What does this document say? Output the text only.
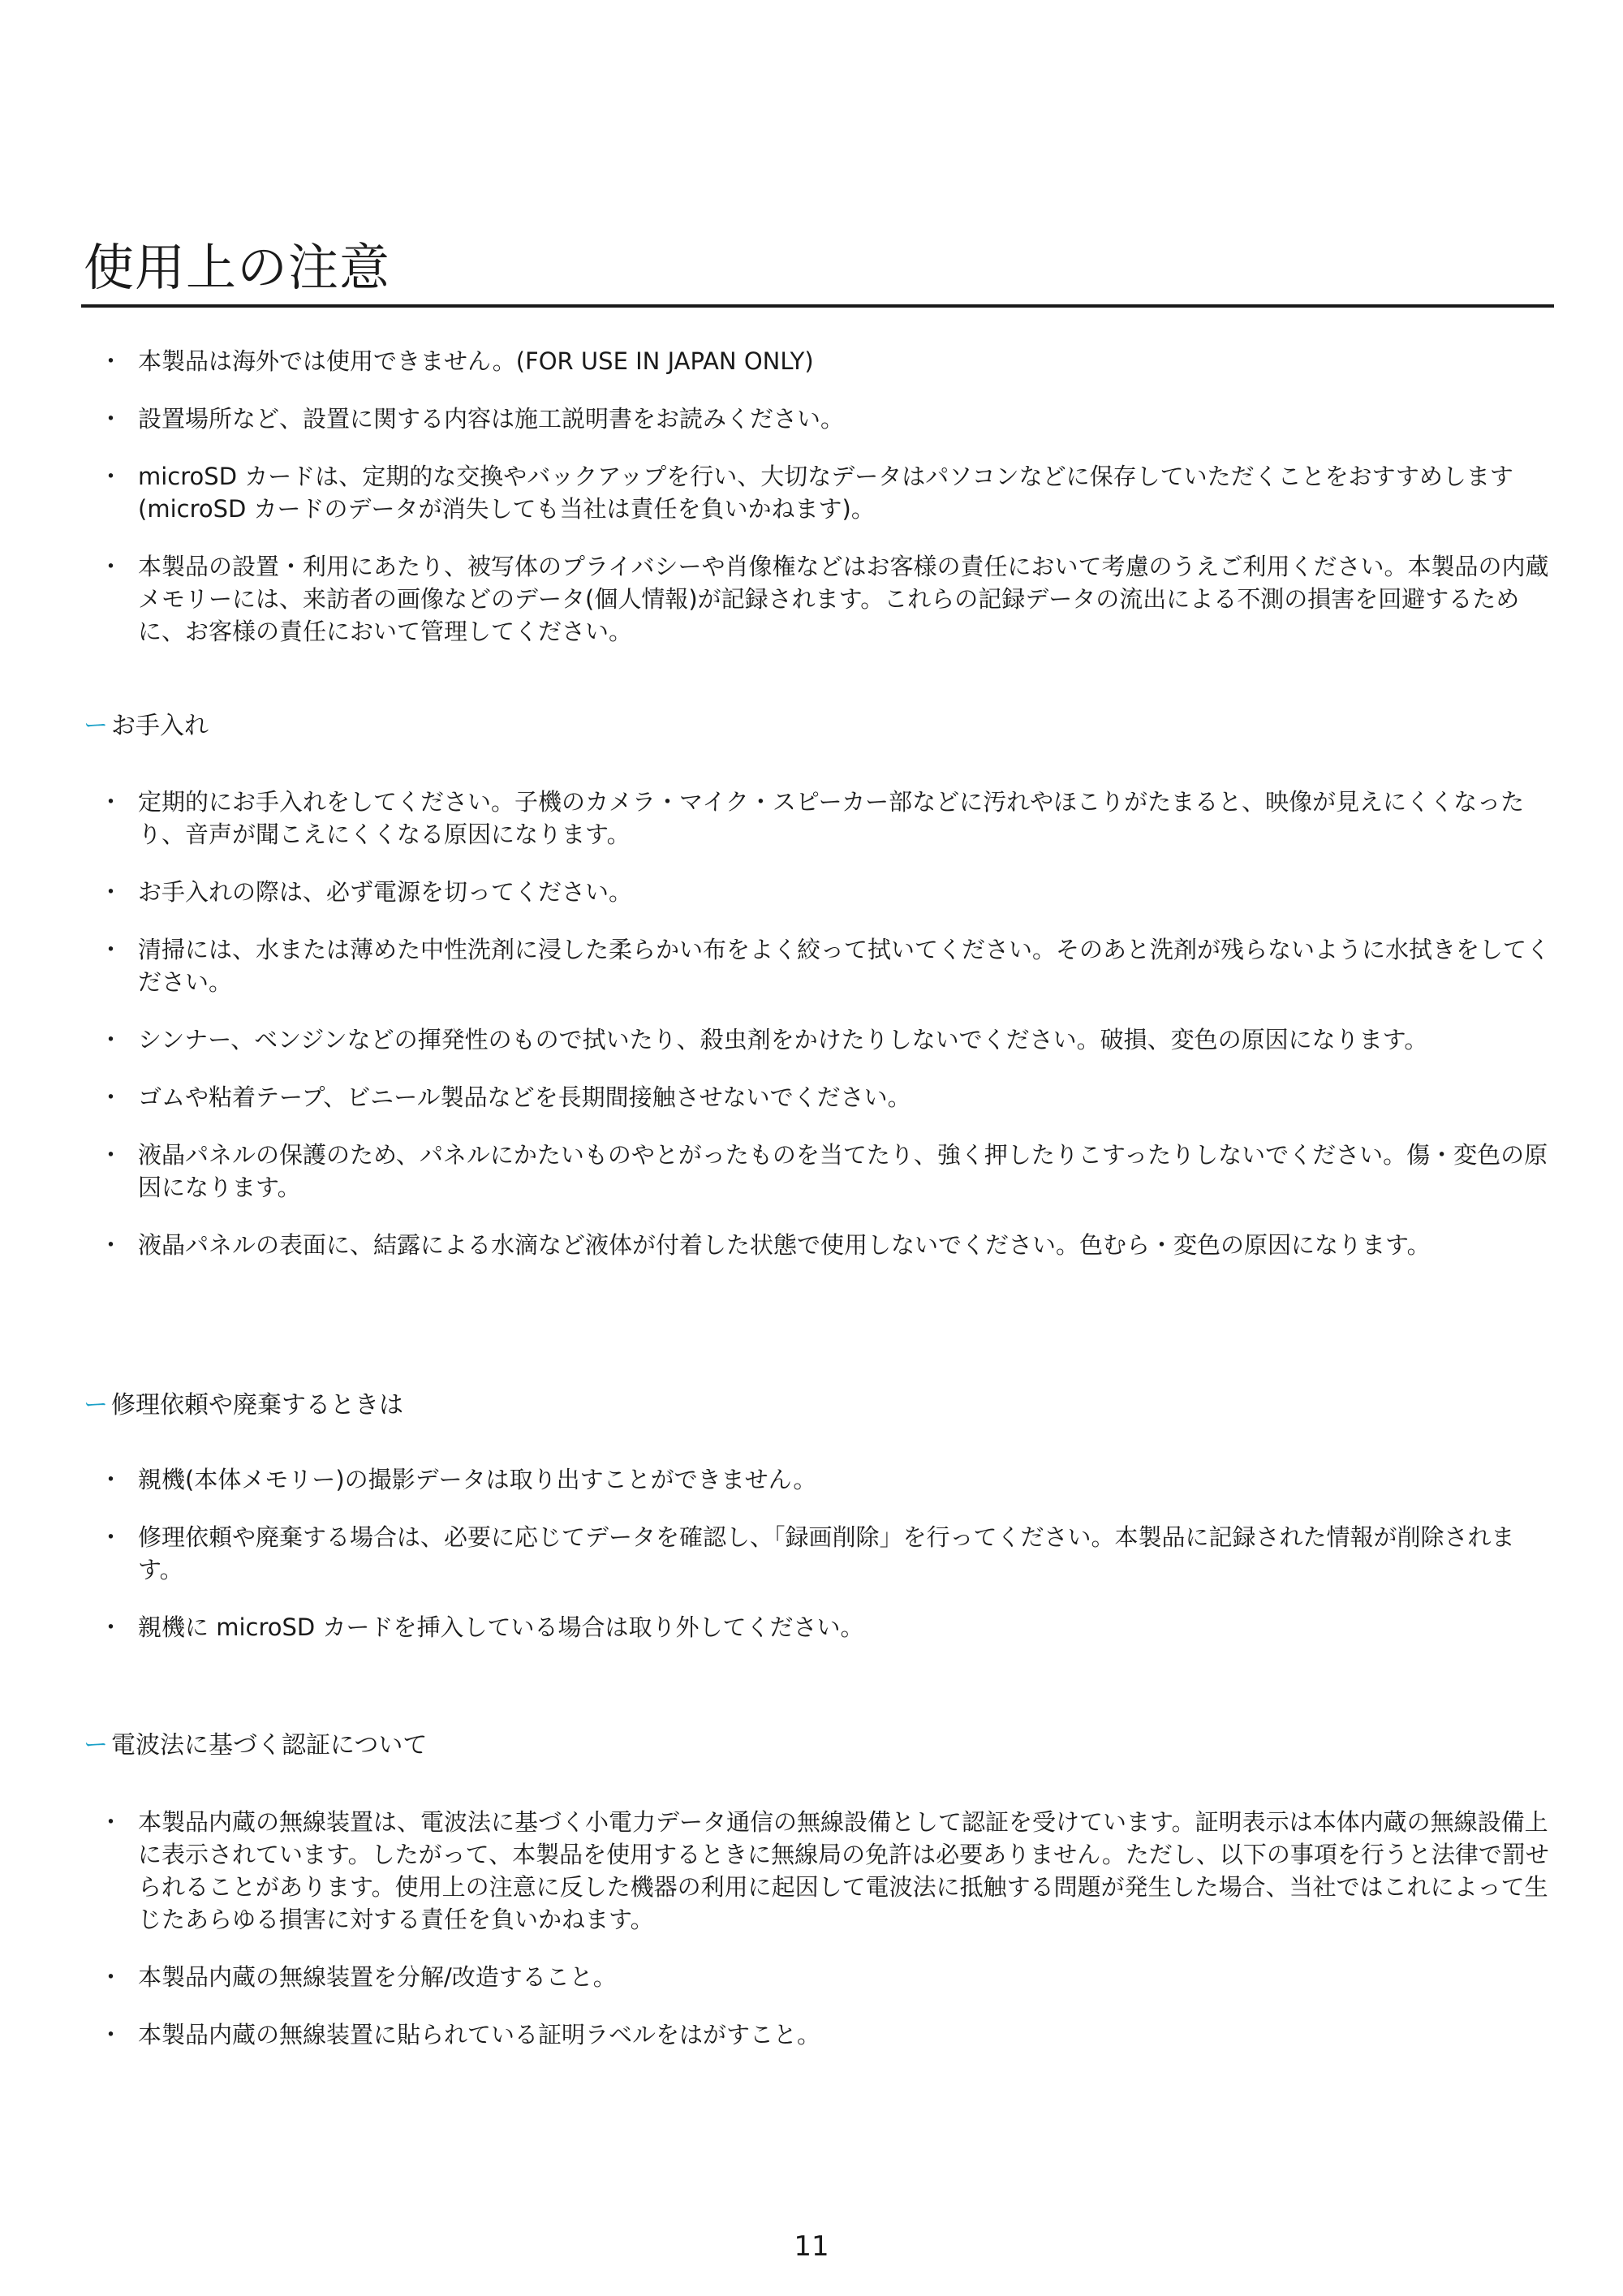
使用上の注意
・ 本製品は海外では使用できません。(FOR USE IN JAPAN ONLY)
・ 設置場所など、設置に関する内容は施工説明書をお読みください。
・ microSD カードは、定期的な交換やバックアップを行い、大切なデータはパソコンなどに保存していただくことをおすすめします(microSD カードのデータが消失しても当社は責任を負いかねます)。
・ 本製品の設置・利用にあたり、被写体のプライバシーや肖像権などはお客様の責任において考慮のうえご利用ください。本製品の内蔵メモリーには、来訪者の画像などのデータ(個人情報)が記録されます。これらの記録データの流出による不測の損害を回避するために、お客様の責任において管理してください。
ー お手入れ
・ 定期的にお手入れをしてください。子機のカメラ・マイク・スピーカー部などに汚れやほこりがたまると、映像が見えにくくなったり、音声が聞こえにくくなる原因になります。
・ お手入れの際は、必ず電源を切ってください。
・ 清掃には、水または薄めた中性洗剤に浸した柔らかい布をよく絞って拭いてください。そのあと洗剤が残らないように水拭きをしてください。
・ シンナー、ベンジンなどの揮発性のもので拭いたり、殺虫剤をかけたりしないでください。破損、変色の原因になります。
・ ゴムや粘着テープ、ビニール製品などを長期間接触させないでください。
・ 液晶パネルの保護のため、パネルにかたいものやとがったものを当てたり、強く押したりこすったりしないでください。傷・変色の原因になります。
・ 液晶パネルの表面に、結露による水滴など液体が付着した状態で使用しないでください。色むら・変色の原因になります。
ー 修理依頼や廃棄するときは
・ 親機(本体メモリー)の撮影データは取り出すことができません。
・ 修理依頼や廃棄する場合は、必要に応じてデータを確認し、「録画削除」を行ってください。本製品に記録された情報が削除されます。
・ 親機に microSD カードを挿入している場合は取り外してください。
ー 電波法に基づく認証について
・ 本製品内蔵の無線装置は、電波法に基づく小電力データ通信の無線設備として認証を受けています。証明表示は本体内蔵の無線設備上に表示されています。したがって、本製品を使用するときに無線局の免許は必要ありません。ただし、以下の事項を行うと法律で罰せられることがあります。使用上の注意に反した機器の利用に起因して電波法に抵触する問題が発生した場合、当社ではこれによって生じたあらゆる損害に対する責任を負いかねます。
・ 本製品内蔵の無線装置を分解/改造すること。
・ 本製品内蔵の無線装置に貼られている証明ラベルをはがすこと。
11
